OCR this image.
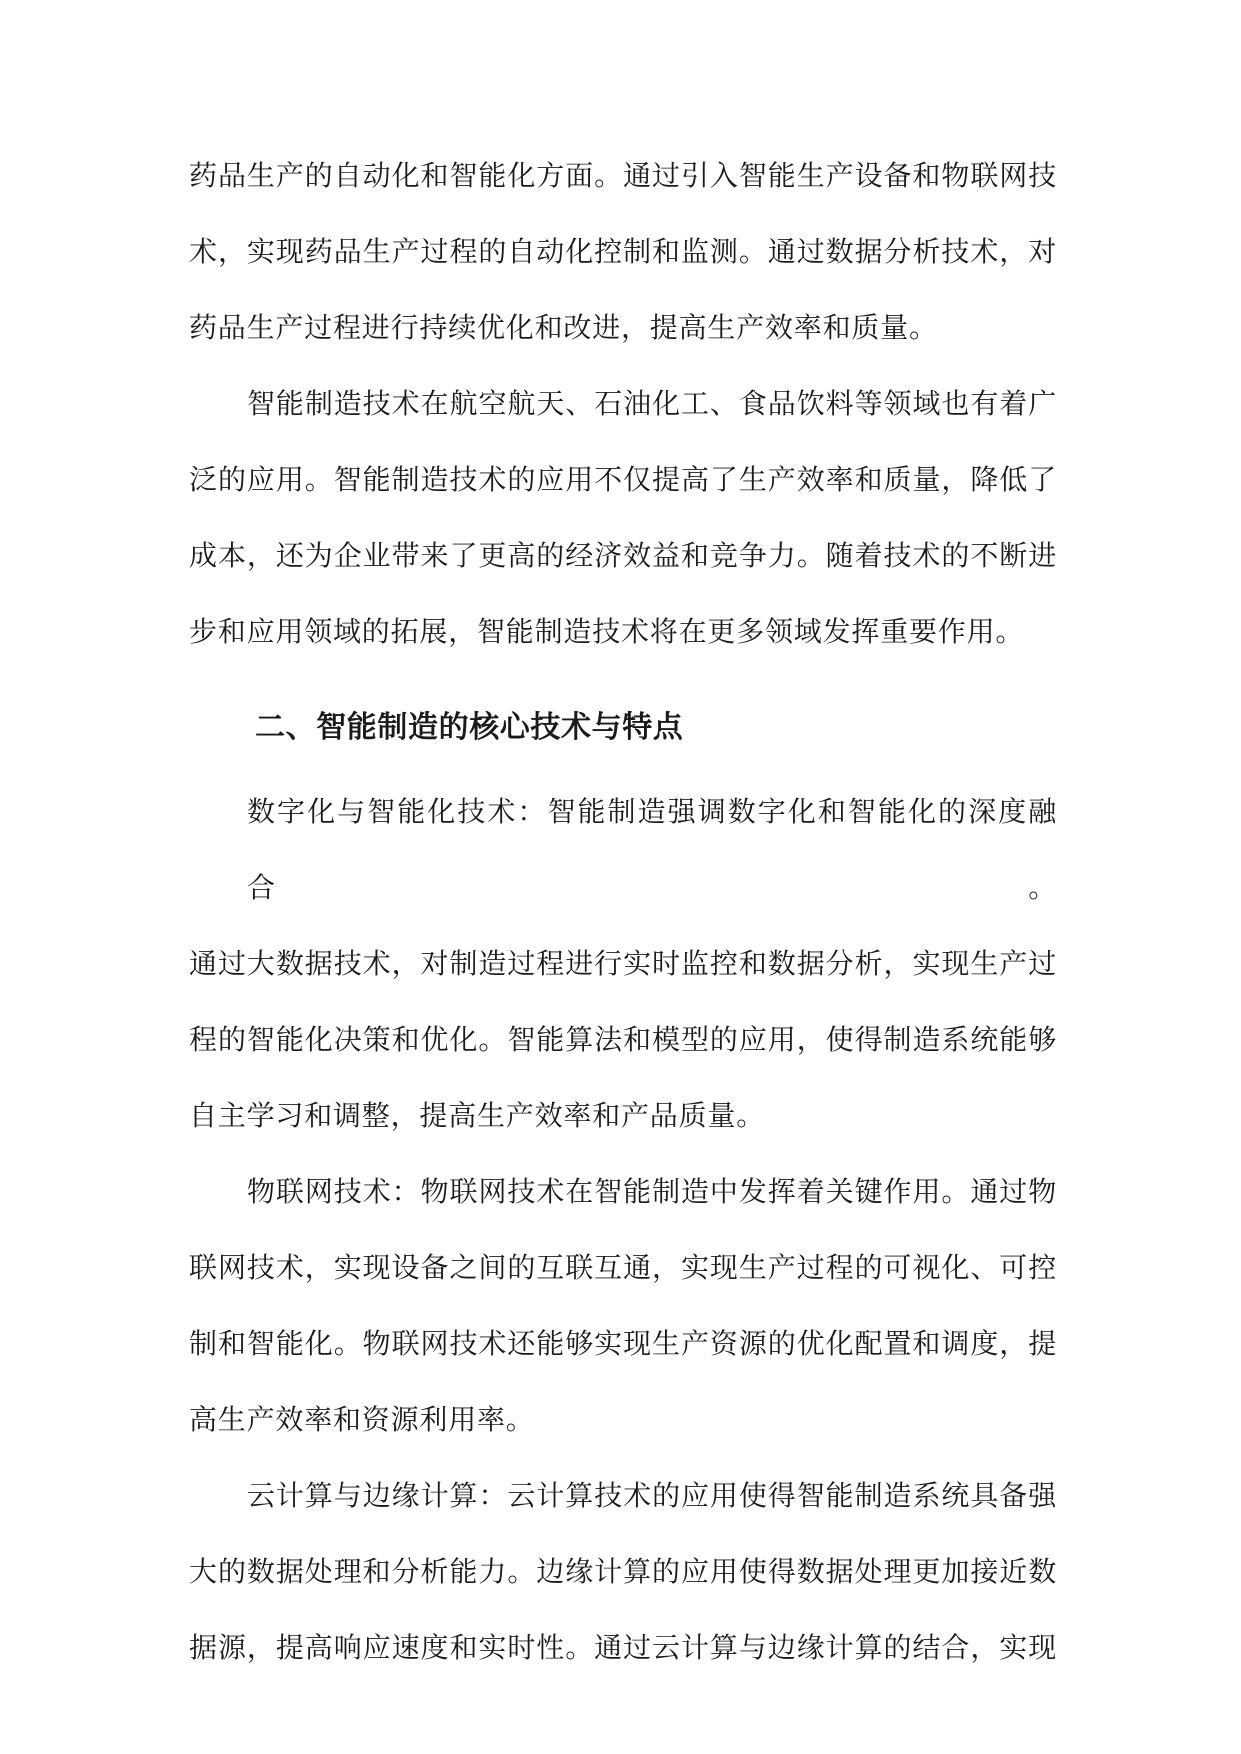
药品生产的自动化和智能化方面。通过引入智能生产设备和物联网技
术，实现药品生产过程的自动化控制和监测。通过数据分析技术，对
药品生产过程进行持续优化和改进，提高生产效率和质量。

智能制造技术在航空航天、石油化工、食品饮料等领域也有着广
泛的应用。智能制造技术的应用不仅提高了生产效率和质量，降低了
成本，还为企业带来了更高的经济效益和竞争力。随着技术的不断进
步和应用领域的拓展，智能制造技术将在更多领域发挥重要作用。

二、智能制造的核心技术与特点

数字化与智能化技术：智能制造强调数字化和智能化的深度融合。
通过大数据技术，对制造过程进行实时监控和数据分析，实现生产过
程的智能化决策和优化。智能算法和模型的应用，使得制造系统能够
自主学习和调整，提高生产效率和产品质量。

物联网技术：物联网技术在智能制造中发挥着关键作用。通过物
联网技术，实现设备之间的互联互通，实现生产过程的可视化、可控
制和智能化。物联网技术还能够实现生产资源的优化配置和调度，提
高生产效率和资源利用率。

云计算与边缘计算：云计算技术的应用使得智能制造系统具备强
大的数据处理和分析能力。边缘计算的应用使得数据处理更加接近数
据源，提高响应速度和实时性。通过云计算与边缘计算的结合，实现
